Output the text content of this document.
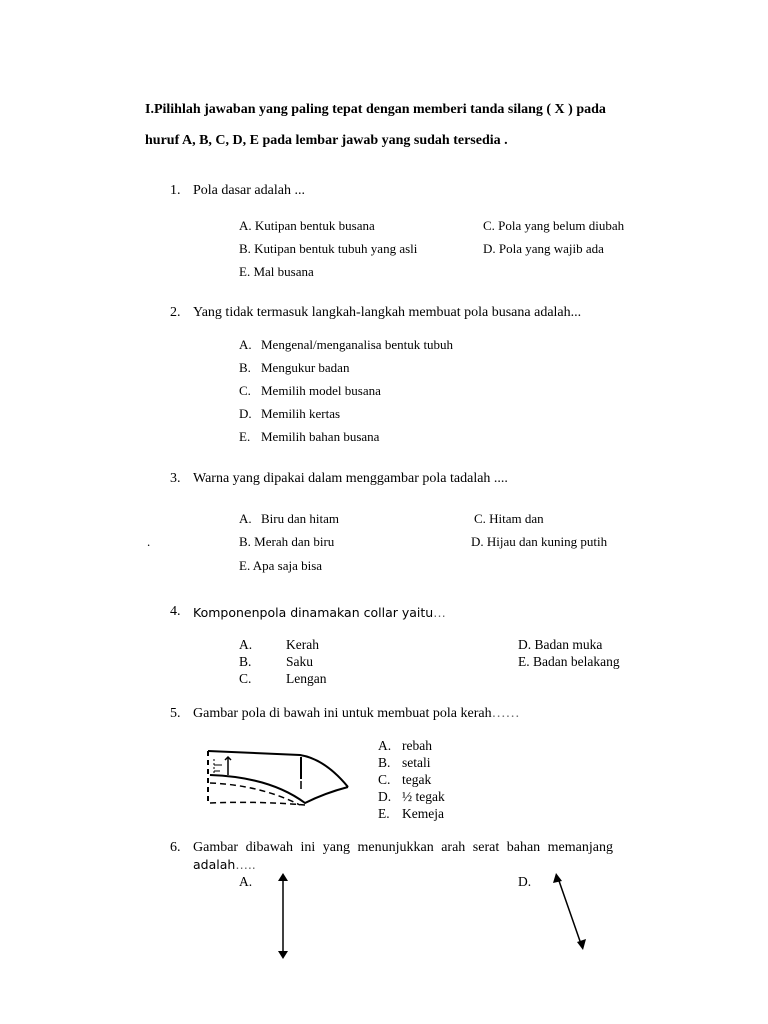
I.Pilihlah jawaban yang paling tepat dengan memberi tanda silang ( X ) pada
huruf A, B, C, D, E pada lembar jawab yang sudah tersedia .
1. Pola dasar adalah ...
A. Kutipan bentuk busana	C. Pola yang belum diubah
B. Kutipan bentuk tubuh yang asli	D. Pola yang wajib ada
E. Mal busana
2. Yang tidak termasuk langkah-langkah membuat pola busana adalah...
A. Mengenal/menganalisa bentuk tubuh
B. Mengukur badan
C. Memilih model busana
D. Memilih kertas
E. Memilih bahan busana
3. Warna yang dipakai dalam menggambar pola tadalah ....
A. Biru dan hitam	C. Hitam dan
.	B. Merah dan biru	D. Hijau dan kuning putih
E. Apa saja bisa
4. Komponenpola dinamakan collar yaitu…
A.	Kerah
B.	Saku
C.	Lengan
D. Badan muka
E. Badan belakang
5. Gambar pola di bawah ini untuk membuat pola kerah……
A. rebah
B. setali
C. tegak
D. ½ tegak
E. Kemeja
6. Gambar dibawah ini yang menunjukkan arah serat bahan memanjang
adalah…..
A.	D.
